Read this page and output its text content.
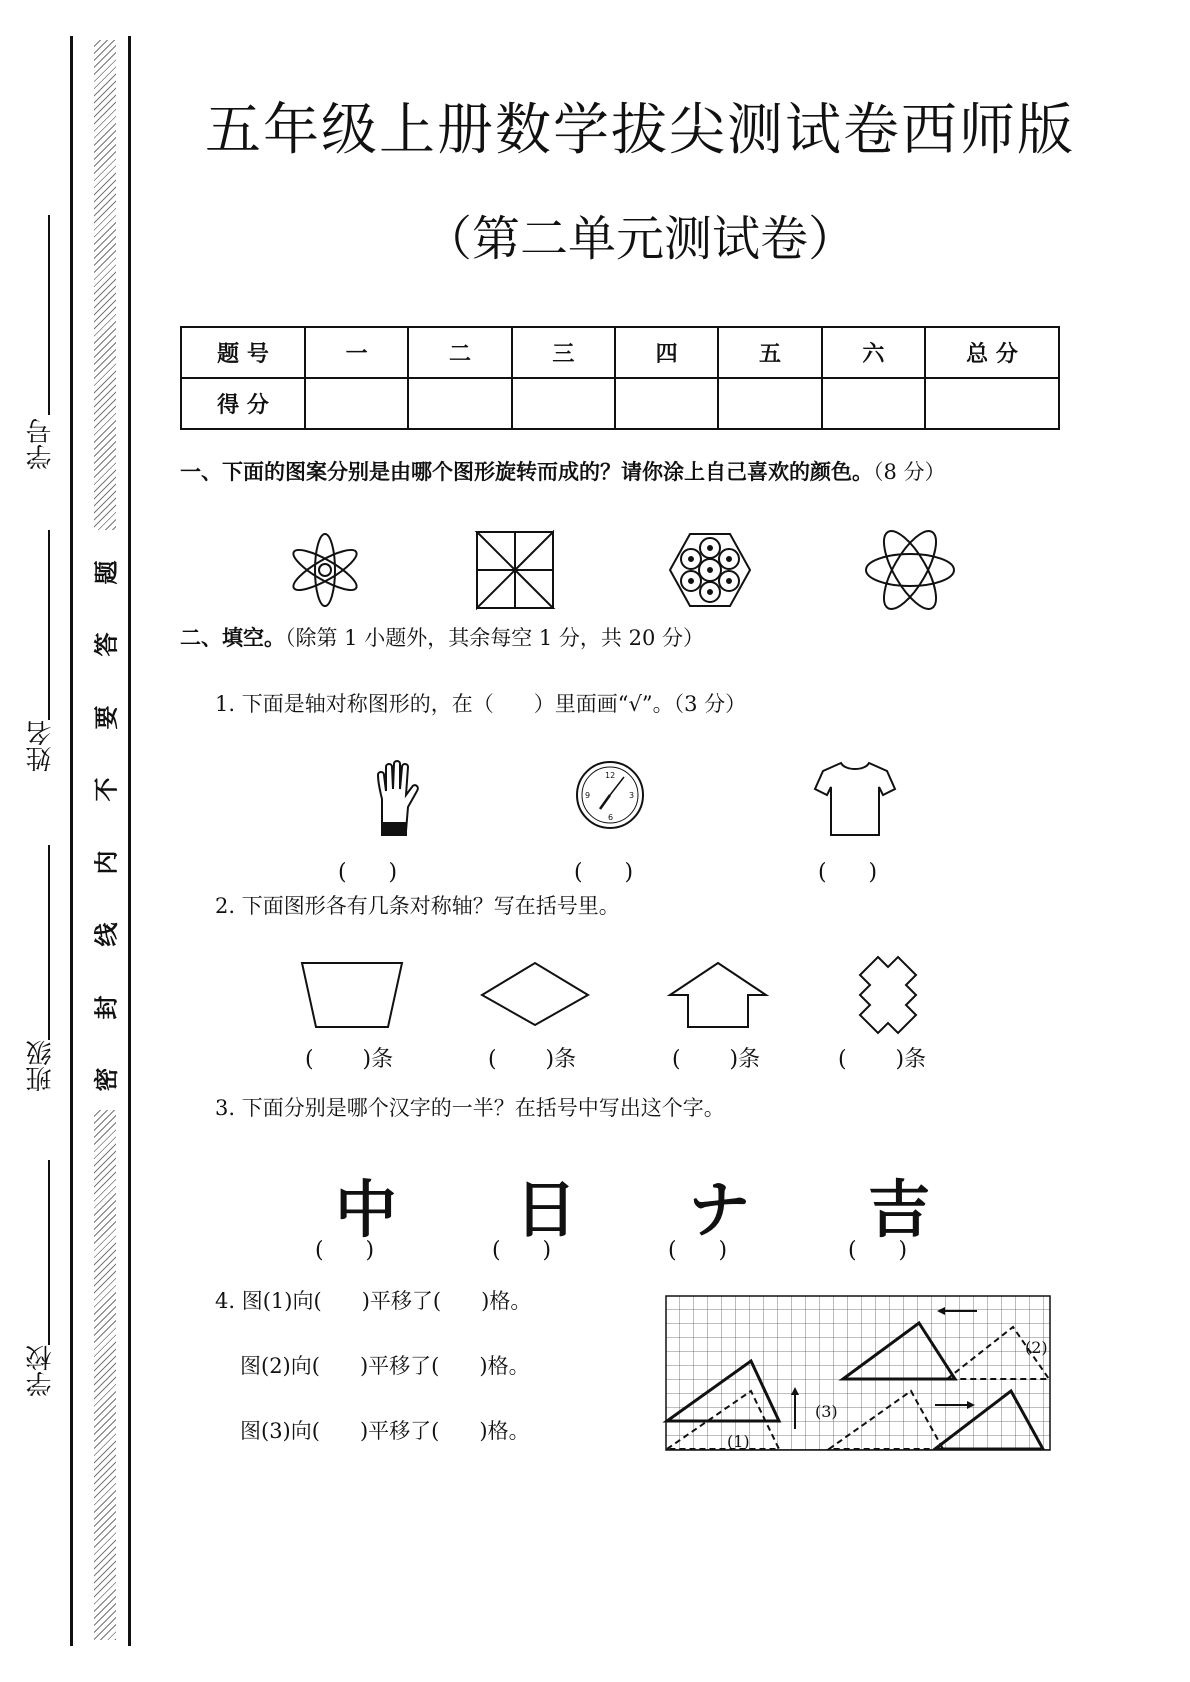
学号
姓名
班级
学校
题
答
要
不
内
线
封
密
五年级上册数学拔尖测试卷西师版
（第二单元测试卷）
题 号	一	二	三	四	五	六	总 分
得 分							
一、下面的图案分别是由哪个图形旋转而成的？请你涂上自己喜欢的颜色。（8 分）
二、填空。（除第 1 小题外，其余每空 1 分，共 20 分）
1. 下面是轴对称图形的，在（      ）里面画“√”。（3 分）
12
3
6
9
(      )	(      )	(      )
2. 下面图形各有几条对称轴？写在括号里。
(       )条	(       )条	(       )条	(       )条
3. 下面分别是哪个汉字的一半？在括号中写出这个字。
中 日 ナ 吉
(      )	(      )	(      )	(      )
4. 图(1)向(      )平移了(      )格。
图(2)向(      )平移了(      )格。
图(3)向(      )平移了(      )格。	(1)
(2)
(3)
